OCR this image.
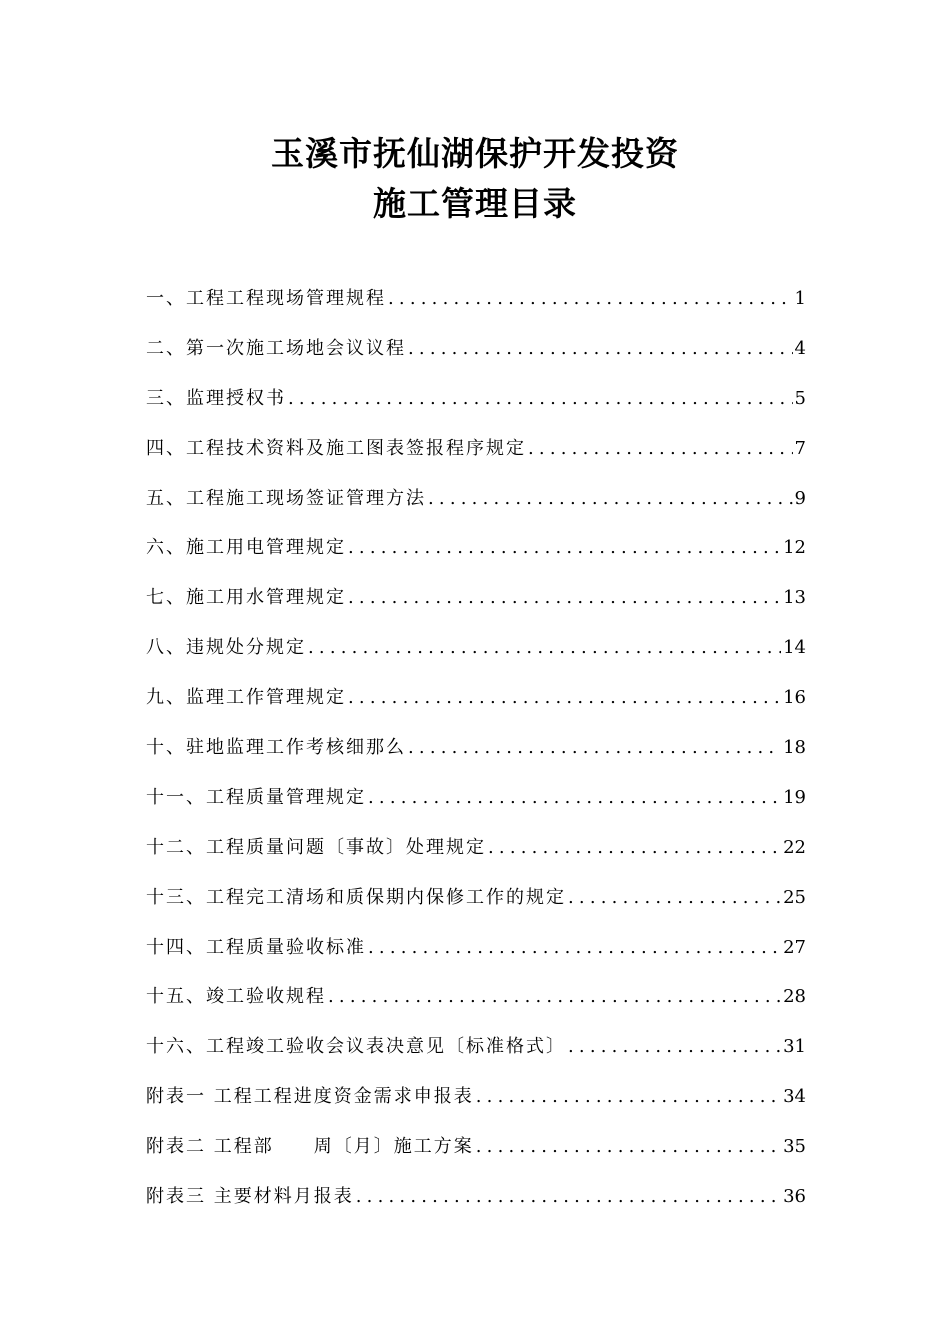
玉溪市抚仙湖保护开发投资
施工管理目录
一、工程工程现场管理规程 .....	1
二、第一次施工场地会议议程 .....	4
三、监理授权书 .....	5
四、工程技术资料及施工图表签报程序规定 .....	7
五、工程施工现场签证管理方法 .....	9
六、施工用电管理规定 .....	12
七、施工用水管理规定 .....	13
八、违规处分规定 .....	14
九、监理工作管理规定 .....	16
十、驻地监理工作考核细那么 .....	18
十一、工程质量管理规定 .....	19
十二、工程质量问题〔事故〕处理规定 .....	22
十三、工程完工清场和质保期内保修工作的规定 .....	25
十四、工程质量验收标准 .....	27
十五、竣工验收规程 .....	28
十六、工程竣工验收会议表决意见〔标准格式〕 .....	31
附表一 工程工程进度资金需求申报表 .....	34
附表二 工程部　　周〔月〕施工方案 .....	35
附表三 主要材料月报表 .....	36
